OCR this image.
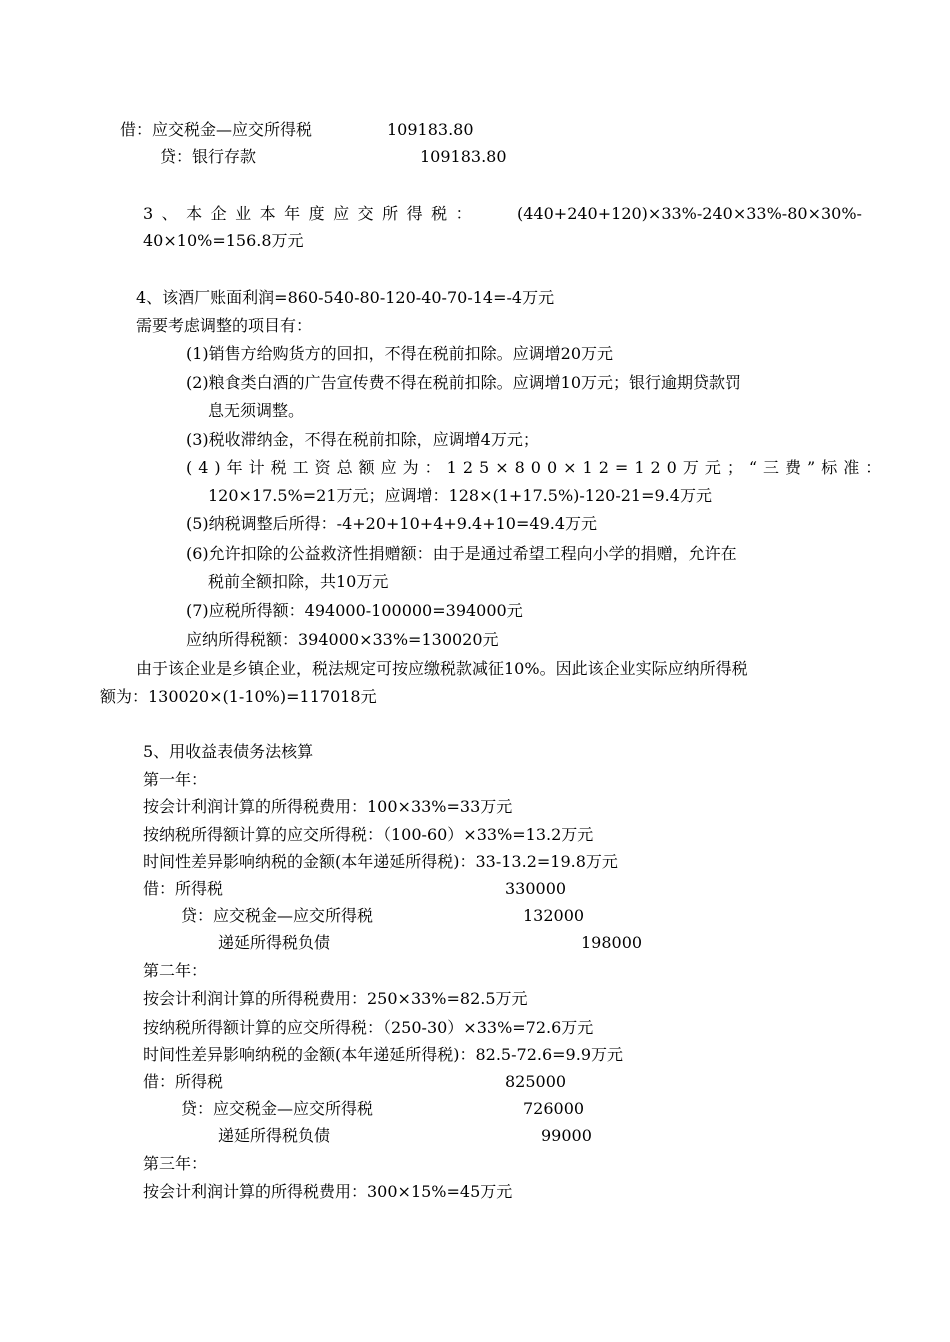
借：应交税金—应交所得税	109183.80
贷：银行存款	109183.80
3、本企业本年度应交所得税： (440+240+120)×33%-240×33%-80×30%-
40×10%=156.8万元
4、该酒厂账面利润=860-540-80-120-40-70-14=-4万元
需要考虑调整的项目有：
(1)销售方给购货方的回扣，不得在税前扣除。应调增20万元
(2)粮食类白酒的广告宣传费不得在税前扣除。应调增10万元；银行逾期贷款罚
息无须调整。
(3)税收滞纳金，不得在税前扣除，应调增4万元；
(4)年计税工资总额应为：125×800×12=120万元；“三费”标准：
120×17.5%=21万元；应调增：128×(1+17.5%)-120-21=9.4万元
(5)纳税调整后所得：-4+20+10+4+9.4+10=49.4万元
(6)允许扣除的公益救济性捐赠额：由于是通过希望工程向小学的捐赠，允许在
税前全额扣除，共10万元
(7)应税所得额：494000-100000=394000元
应纳所得税额：394000×33%=130020元
由于该企业是乡镇企业，税法规定可按应缴税款减征10%。因此该企业实际应纳所得税
额为：130020×(1-10%)=117018元
5、用收益表债务法核算
第一年：
按会计利润计算的所得税费用：100×33%=33万元
按纳税所得额计算的应交所得税：（100-60）×33%=13.2万元
时间性差异影响纳税的金额(本年递延所得税)：33-13.2=19.8万元
借：所得税	330000
贷：应交税金—应交所得税	132000
递延所得税负债	198000
第二年：
按会计利润计算的所得税费用：250×33%=82.5万元
按纳税所得额计算的应交所得税：（250-30）×33%=72.6万元
时间性差异影响纳税的金额(本年递延所得税)：82.5-72.6=9.9万元
借：所得税	825000
贷：应交税金—应交所得税	726000
递延所得税负债	99000
第三年：
按会计利润计算的所得税费用：300×15%=45万元
